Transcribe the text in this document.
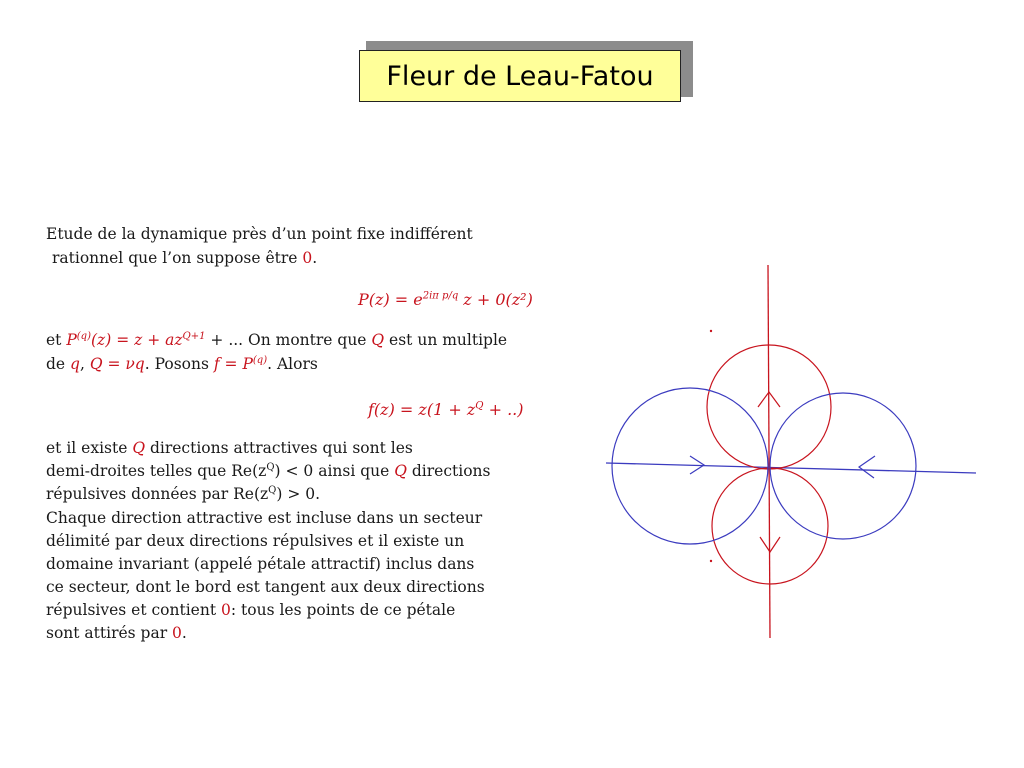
Fleur de Leau-Fatou
Etude de la dynamique près d’un point fixe indifférent
rationnel que l’on suppose être 0.
$P(z) = e^{2i\pi p/q}$ z + 0(z²)
et $P^{(q)}(z) = z + az^{Q+1}$ + ... On montre que Q est un multiple
de q, Q = νq. Posons $f = P^{(q)}$. Alors
$f(z) = z(1 + z^Q$ + ..)
et il existe Q directions attractives qui sont les
demi-droites telles que $Re(z^Q) < 0$ ainsi que Q directions
répulsives données par $Re(z^Q) > 0$.
Chaque direction attractive est incluse dans un secteur
délimité par deux directions répulsives et il existe un
domaine invariant (appelé pétale attractif) inclus dans
ce secteur, dont le bord est tangent aux deux directions
répulsives et contient 0: tous les points de ce pétale
sont attirés par 0.
